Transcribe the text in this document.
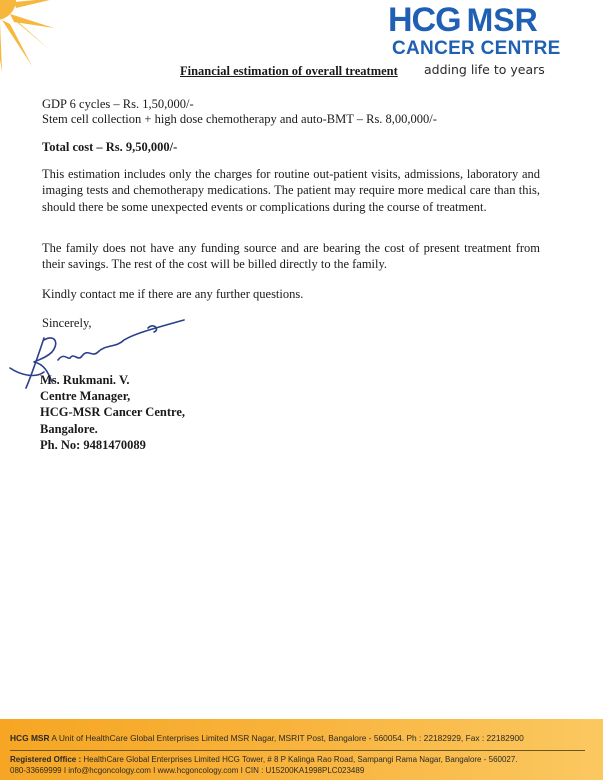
HCG MSR
CANCER CENTRE
adding life to years
Financial estimation of overall treatment
GDP 6 cycles – Rs. 1,50,000/-
Stem cell collection + high dose chemotherapy and auto-BMT – Rs. 8,00,000/-
Total cost – Rs. 9,50,000/-
This estimation includes only the charges for routine out-patient visits, admissions, laboratory and imaging tests and chemotherapy medications. The patient may require more medical care than this, should there be some unexpected events or complications during the course of treatment.
The family does not have any funding source and are bearing the cost of present treatment from their savings. The rest of the cost will be billed directly to the family.
Kindly contact me if there are any further questions.
Sincerely,
Ms. Rukmani. V.
Centre Manager,
HCG-MSR Cancer Centre,
Bangalore.
Ph. No: 9481470089
HCG MSR A Unit of HealthCare Global Enterprises Limited MSR Nagar, MSRIT Post, Bangalore - 560054. Ph : 22182929, Fax : 22182900
Registered Office : HealthCare Global Enterprises Limited HCG Tower, # 8 P Kalinga Rao Road, Sampangi Rama Nagar, Bangalore - 560027.
080-33669999 I info@hcgoncology.com I www.hcgoncology.com I CIN : U15200KA1998PLC023489
